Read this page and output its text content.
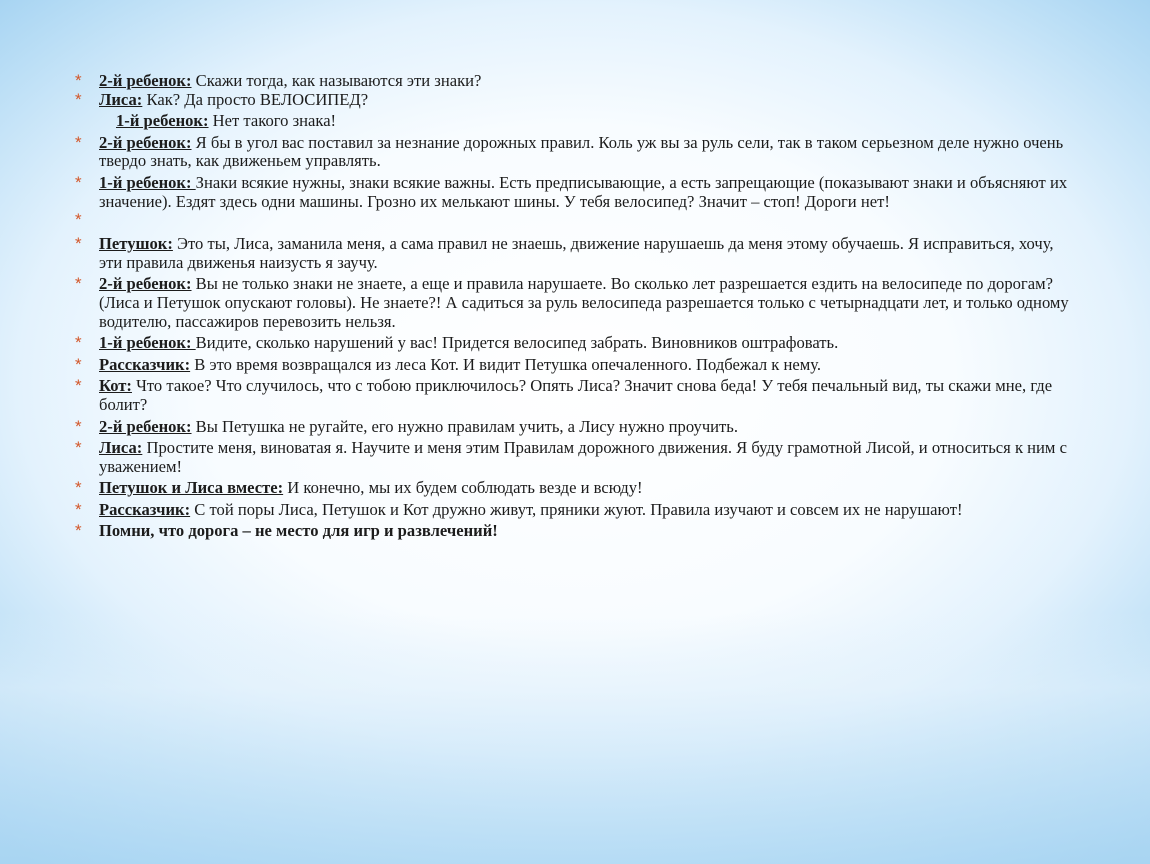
* 2-й ребенок: Скажи тогда, как называются эти знаки?
* Лиса: Как? Да просто ВЕЛОСИПЕД?
1-й ребенок: Нет такого знака!
* 2-й ребенок: Я бы в угол вас поставил за незнание дорожных правил. Коль уж вы за руль сели, так в таком серьезном деле нужно очень твердо знать, как движеньем управлять.
* 1-й ребенок: Знаки всякие нужны, знаки всякие важны. Есть предписывающие, а есть запрещающие (показывают знаки и объясняют их значение). Ездят здесь одни машины. Грозно их мелькают шины. У тебя велосипед? Значит – стоп! Дороги нет!
*
* Петушок: Это ты, Лиса, заманила меня, а сама правил не знаешь, движение нарушаешь да меня этому обучаешь. Я исправиться, хочу, эти правила движенья наизусть я заучу.
* 2-й ребенок: Вы не только знаки не знаете, а еще и правила нарушаете. Во сколько лет разрешается ездить на велосипеде по дорогам? (Лиса и Петушок опускают головы). Не знаете?! А садиться за руль велосипеда разрешается только с четырнадцати лет, и только одному водителю, пассажиров перевозить нельзя.
* 1-й ребенок: Видите, сколько нарушений у вас! Придется велосипед забрать. Виновников оштрафовать.
* Рассказчик: В это время возвращался из леса Кот. И видит Петушка опечаленного. Подбежал к нему.
* Кот: Что такое? Что случилось, что с тобою приключилось? Опять Лиса? Значит снова беда! У тебя печальный вид, ты скажи мне, где болит?
* 2-й ребенок: Вы Петушка не ругайте, его нужно правилам учить, а Лису нужно проучить.
* Лиса: Простите меня, виноватая я. Научите и меня этим Правилам дорожного движения. Я буду грамотной Лисой, и относиться к ним с уважением!
* Петушок и Лиса вместе: И конечно, мы их будем соблюдать везде и всюду!
* Рассказчик: С той поры Лиса, Петушок и Кот дружно живут, пряники жуют. Правила изучают и совсем их не нарушают!
* Помни, что дорога – не место для игр и развлечений!
